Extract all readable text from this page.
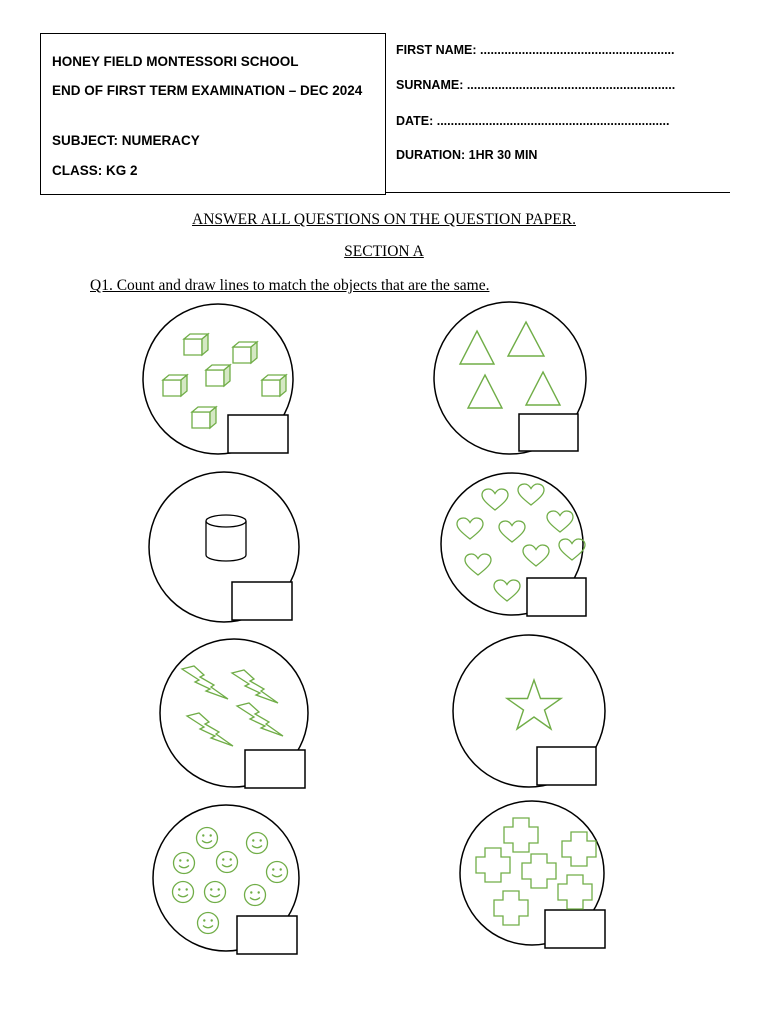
HONEY FIELD MONTESSORI SCHOOL
END OF FIRST TERM EXAMINATION – DEC 2024
SUBJECT: NUMERACY
CLASS: KG 2
FIRST NAME: ........................................................
SURNAME: ............................................................
DATE: ...................................................................
DURATION: 1HR 30 MIN
ANSWER ALL QUESTIONS ON THE QUESTION PAPER.
SECTION A
Q1. Count and draw lines to match the objects that are the same.
